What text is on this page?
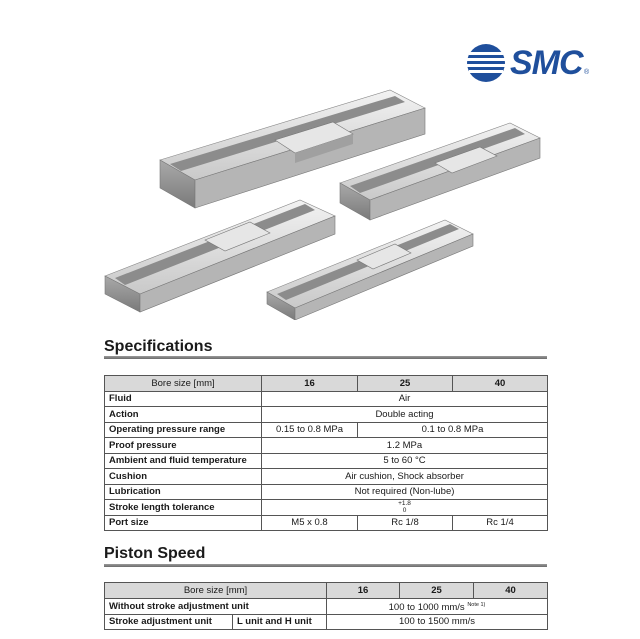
SMC ®
Specifications
Bore size [mm]	16	25	40
Fluid	Air		
Action	Double acting		
Operating pressure range	0.15 to 0.8 MPa	0.1 to 0.8 MPa	
Proof pressure	1.2 MPa		
Ambient and fluid temperature	5 to 60 °C		
Cushion	Air cushion, Shock absorber		
Lubrication	Not required (Non-lube)		
Stroke length tolerance	+1.8
0		
Port size	M5 x 0.8	Rc 1/8	Rc 1/4
Piston Speed
Bore size [mm]		16	25	40
Without stroke adjustment unit		100 to 1000 mm/s $^{Note 1)}$
Stroke adjustment unit	L unit and H unit	100 to 1500 mm/s		
